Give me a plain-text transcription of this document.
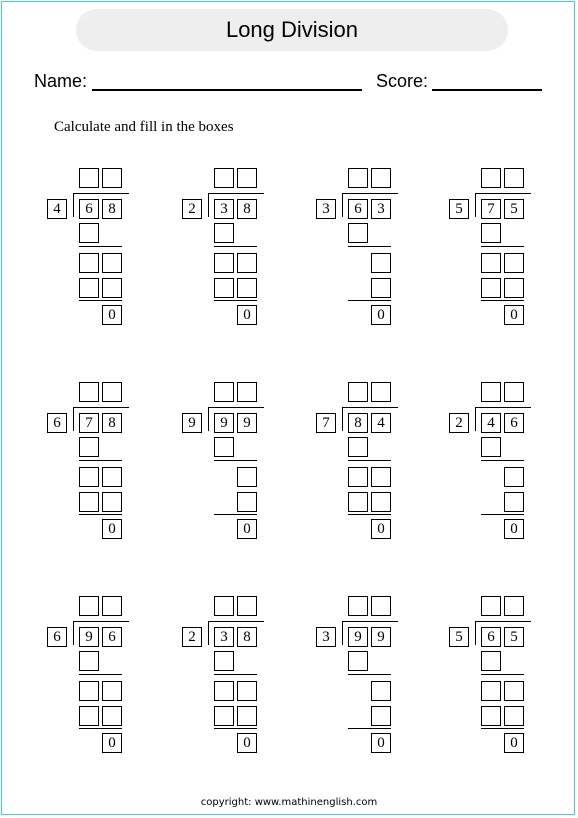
Long Division
Name:	Score:
Calculate and fill in the boxes
4	6	8
0
2	3	8
0
3	6	3
0
5	7	5
0
6	7	8
0
9	9	9
0
7	8	4
0
2	4	6
0
6	9	6
0
2	3	8
0
3	9	9
0
5	6	5
0
copyright: www.mathinenglish.com
